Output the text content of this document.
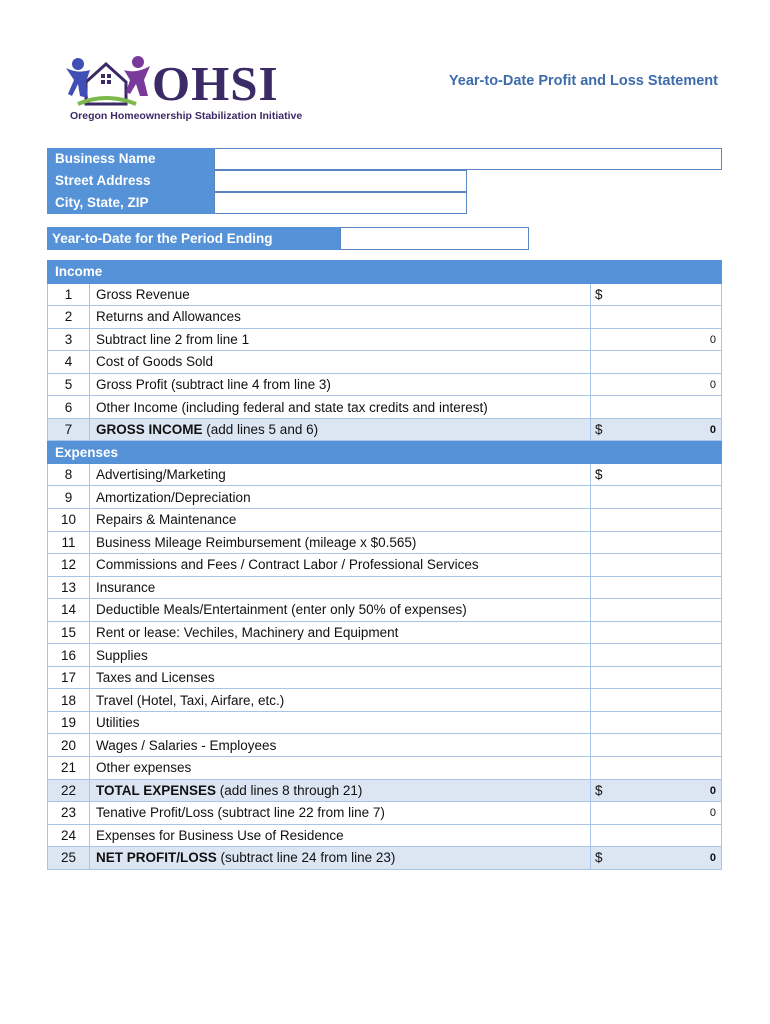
OHSI
Oregon Homeownership Stabilization Initiative
Year-to-Date Profit and Loss Statement
Business Name
Street Address
City, State, ZIP
Year-to-Date for the Period Ending
Income		
1	Gross Revenue	$

2	Returns and Allowances	

3	Subtract line 2 from line 1	0

4	Cost of Goods Sold	

5	Gross Profit (subtract line 4 from line 3)	0

6	Other Income (including federal and state tax credits and interest)	

7	GROSS INCOME (add lines 5 and 6)	$ 0

Expenses		
8	Advertising/Marketing	$

9	Amortization/Depreciation	

10	Repairs & Maintenance	

11	Business Mileage Reimbursement (mileage x $0.565)	

12	Commissions and Fees / Contract Labor / Professional Services	

13	Insurance	

14	Deductible Meals/Entertainment (enter only 50% of expenses)	

15	Rent or lease: Vechiles, Machinery and Equipment	

16	Supplies	

17	Taxes and Licenses	

18	Travel (Hotel, Taxi, Airfare, etc.)	

19	Utilities	

20	Wages / Salaries - Employees	

21	Other expenses	

22	TOTAL EXPENSES (add lines 8 through 21)	$ 0

23	Tenative Profit/Loss (subtract line 22 from line 7)	0

24	Expenses for Business Use of Residence	

25	NET PROFIT/LOSS (subtract line 24 from line 23)	$ 0
